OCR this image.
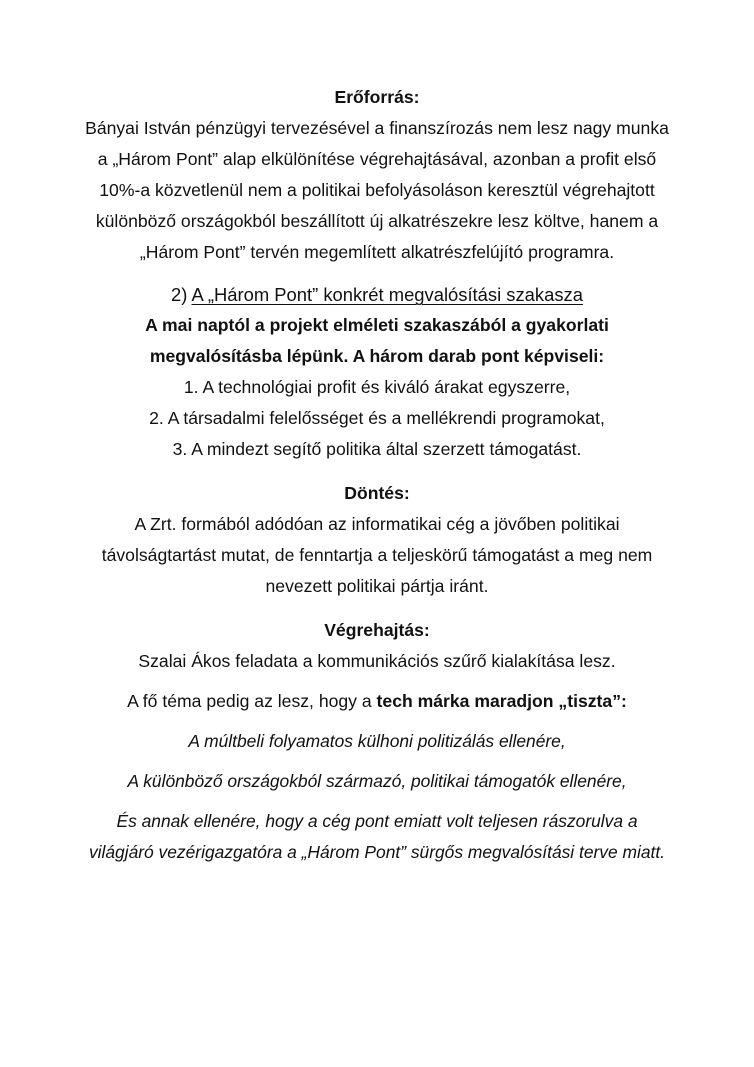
Erőforrás:

Bányai István pénzügyi tervezésével a finanszírozás nem lesz nagy munka a „Három Pont” alap elkülönítése végrehajtásával, azonban a profit első 10%-a közvetlenül nem a politikai befolyásoláson keresztül végrehajtott különböző országokból beszállított új alkatrészekre lesz költve, hanem a „Három Pont” tervén megemlített alkatrészfelújító programra.

2) A „Három Pont” konkrét megvalósítási szakasza

A mai naptól a projekt elméleti szakaszából a gyakorlati megvalósításba lépünk. A három darab pont képviseli:

1. A technológiai profit és kiváló árakat egyszerre,
2. A társadalmi felelősséget és a mellékrendi programokat,
3. A mindezt segítő politika által szerzett támogatást.
Döntés:

A Zrt. formából adódóan az informatikai cég a jövőben politikai távolságtartást mutat, de fenntartja a teljeskörű támogatást a meg nem nevezett politikai pártja iránt.

Végrehajtás:

Szalai Ákos feladata a kommunikációs szűrő kialakítása lesz.

A fő téma pedig az lesz, hogy a tech márka maradjon „tiszta”:

A múltbeli folyamatos külhoni politizálás ellenére,

A különböző országokból származó, politikai támogatók ellenére,

És annak ellenére, hogy a cég pont emiatt volt teljesen rászorulva a világjáró vezérigazgatóra a „Három Pont” sürgős megvalósítási terve miatt.
